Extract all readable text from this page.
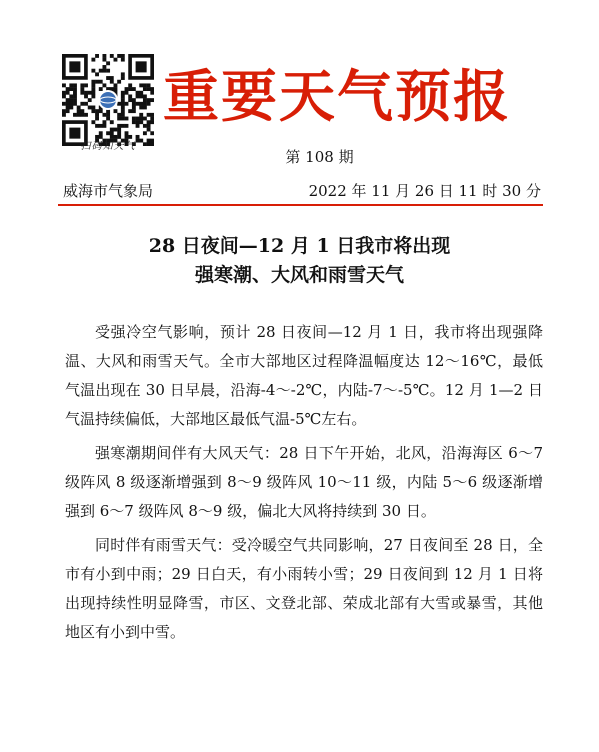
扫码知天气
重要天气预报
第 108 期
威海市气象局	2022 年 11 月 26 日 11 时 30 分
28 日夜间—12 月 1 日我市将出现
强寒潮、大风和雨雪天气

受强冷空气影响，预计 28 日夜间—12 月 1 日，我市将出现强降温、大风和雨雪天气。全市大部地区过程降温幅度达 12～16℃，最低气温出现在 30 日早晨，沿海-4～-2℃，内陆-7～-5℃。12 月 1—2 日气温持续偏低，大部地区最低气温-5℃左右。

强寒潮期间伴有大风天气：28 日下午开始，北风，沿海海区 6～7 级阵风 8 级逐渐增强到 8～9 级阵风 10～11 级，内陆 5～6 级逐渐增强到 6～7 级阵风 8～9 级，偏北大风将持续到 30 日。

同时伴有雨雪天气：受冷暖空气共同影响，27 日夜间至 28 日，全市有小到中雨；29 日白天，有小雨转小雪；29 日夜间到 12 月 1 日将出现持续性明显降雪，市区、文登北部、荣成北部有大雪或暴雪，其他地区有小到中雪。
